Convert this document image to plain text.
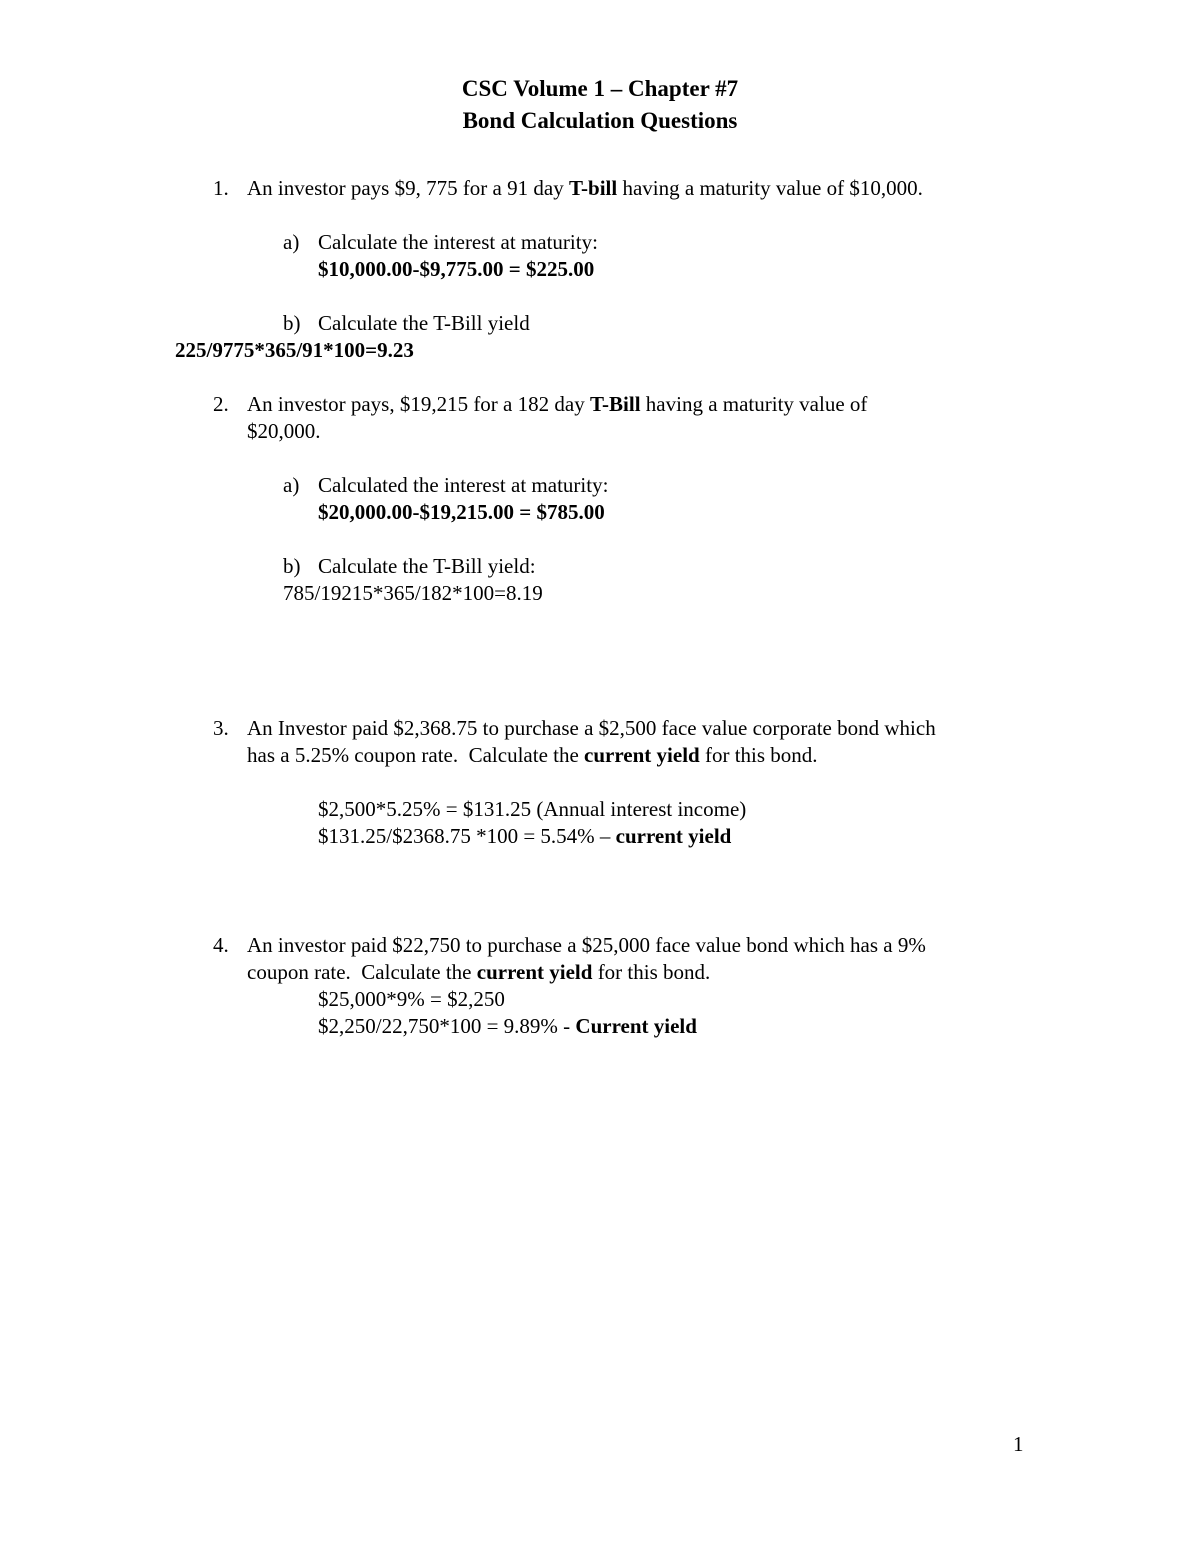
CSC Volume 1 – Chapter #7
Bond Calculation Questions
1. An investor pays $9, 775 for a 91 day T-bill having a maturity value of $10,000.
a) Calculate the interest at maturity:
$10,000.00-$9,775.00 = $225.00
b) Calculate the T-Bill yield
225/9775*365/91*100=9.23
2. An investor pays, $19,215 for a 182 day T-Bill having a maturity value of
$20,000.
a) Calculated the interest at maturity:
$20,000.00-$19,215.00 = $785.00
b) Calculate the T-Bill yield:
785/19215*365/182*100=8.19
3. An Investor paid $2,368.75 to purchase a $2,500 face value corporate bond which
has a 5.25% coupon rate.  Calculate the current yield for this bond.
$2,500*5.25% = $131.25 (Annual interest income)
$131.25/$2368.75 *100 = 5.54% – current yield
4. An investor paid $22,750 to purchase a $25,000 face value bond which has a 9%
coupon rate.  Calculate the current yield for this bond.
$25,000*9% = $2,250
$2,250/22,750*100 = 9.89% - Current yield
1
